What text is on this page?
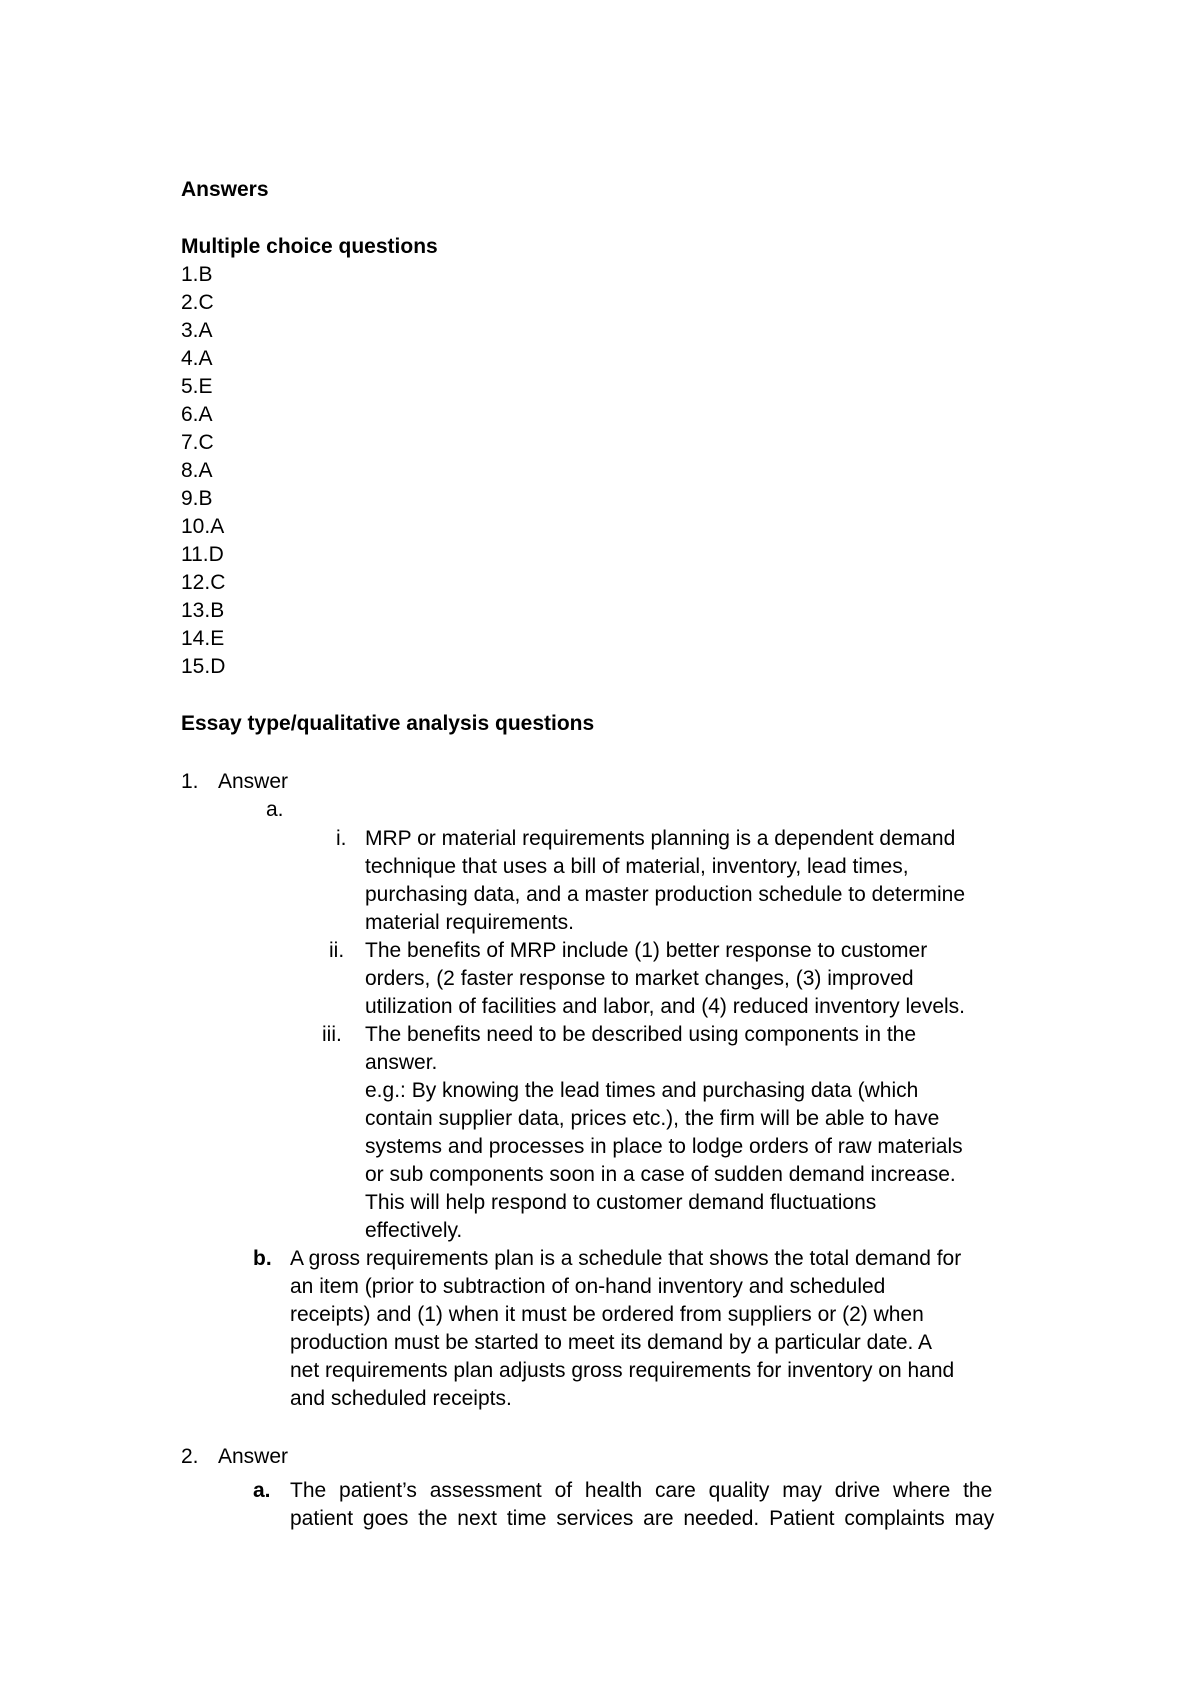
Answers
Multiple choice questions
1.B
2.C
3.A
4.A
5.E
6.A
7.C
8.A
9.B
10.A
11.D
12.C
13.B
14.E
15.D
Essay type/qualitative analysis questions
1. Answer
a.
i. MRP or material requirements planning is a dependent demand
technique that uses a bill of material, inventory, lead times,
purchasing data, and a master production schedule to determine
material requirements.
ii. The benefits of MRP include (1) better response to customer
orders, (2 faster response to market changes, (3) improved
utilization of facilities and labor, and (4) reduced inventory levels.
iii. The benefits need to be described using components in the
answer.
e.g.: By knowing the lead times and purchasing data (which
contain supplier data, prices etc.), the firm will be able to have
systems and processes in place to lodge orders of raw materials
or sub components soon in a case of sudden demand increase.
This will help respond to customer demand fluctuations
effectively.
b. A gross requirements plan is a schedule that shows the total demand for
an item (prior to subtraction of on-hand inventory and scheduled
receipts) and (1) when it must be ordered from suppliers or (2) when
production must be started to meet its demand by a particular date. A
net requirements plan adjusts gross requirements for inventory on hand
and scheduled receipts.
2. Answer
a. The patient’s assessment of health care quality may drive where the
patient goes the next time services are needed. Patient complaints may
